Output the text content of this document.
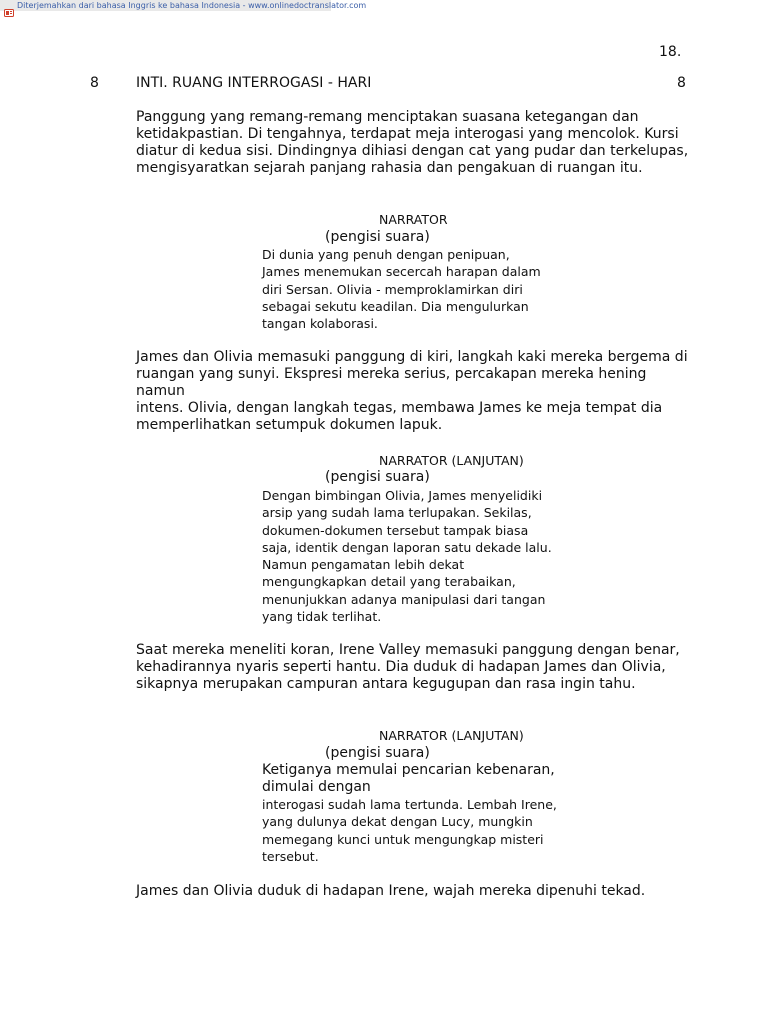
Diterjemahkan dari bahasa Inggris ke bahasa Indonesia - www.onlinedoctranslator.com
18.
8	INTI. RUANG INTERROGASI - HARI	8
Panggung yang remang-remang menciptakan suasana ketegangan dan
ketidakpastian. Di tengahnya, terdapat meja interogasi yang mencolok. Kursi
diatur di kedua sisi. Dindingnya dihiasi dengan cat yang pudar dan terkelupas,
mengisyaratkan sejarah panjang rahasia dan pengakuan di ruangan itu.
NARRATOR
(pengisi suara)
Di dunia yang penuh dengan penipuan,
James menemukan secercah harapan dalam
diri Sersan. Olivia - memproklamirkan diri
sebagai sekutu keadilan. Dia mengulurkan
tangan kolaborasi.
James dan Olivia memasuki panggung di kiri, langkah kaki mereka bergema di
ruangan yang sunyi. Ekspresi mereka serius, percakapan mereka hening namun
intens. Olivia, dengan langkah tegas, membawa James ke meja tempat dia
memperlihatkan setumpuk dokumen lapuk.
NARRATOR (LANJUTAN)
(pengisi suara)
Dengan bimbingan Olivia, James menyelidiki
arsip yang sudah lama terlupakan. Sekilas,
dokumen-dokumen tersebut tampak biasa
saja, identik dengan laporan satu dekade lalu.
Namun pengamatan lebih dekat
mengungkapkan detail yang terabaikan,
menunjukkan adanya manipulasi dari tangan
yang tidak terlihat.
Saat mereka meneliti koran, Irene Valley memasuki panggung dengan benar,
kehadirannya nyaris seperti hantu. Dia duduk di hadapan James dan Olivia,
sikapnya merupakan campuran antara kegugupan dan rasa ingin tahu.
NARRATOR (LANJUTAN)
(pengisi suara)
Ketiganya memulai pencarian kebenaran,
dimulai dengan
interogasi sudah lama tertunda. Lembah Irene,
yang dulunya dekat dengan Lucy, mungkin
memegang kunci untuk mengungkap misteri
tersebut.
James dan Olivia duduk di hadapan Irene, wajah mereka dipenuhi tekad.
